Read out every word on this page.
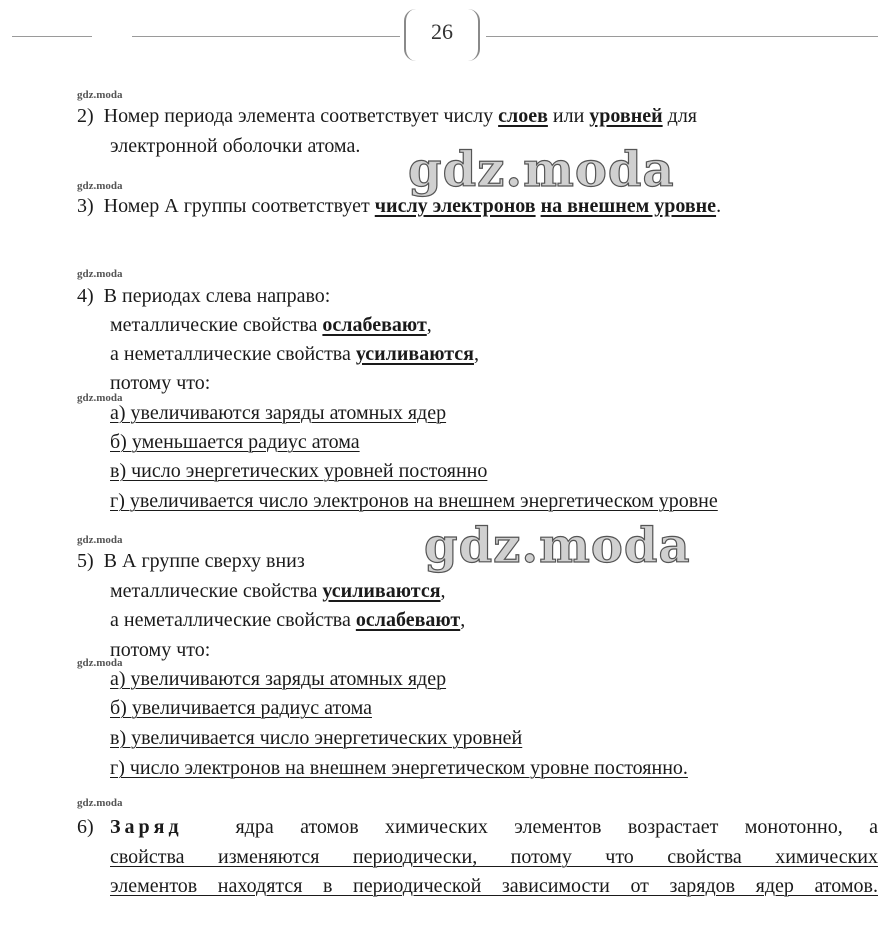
26
gdz.moda
gdz.moda
gdz.moda
gdz.moda
gdz.moda
gdz.moda
gdz.moda
2) Номер периода элемента соответствует числу слоев или уровней для
электронной оболочки атома. gdz.moda
3) Номер А группы соответствует числу электронов на внешнем уровне.
4) В периодах слева направо:
металлические свойства ослабевают,
а неметаллические свойства усиливаются,
потому что:
а) увеличиваются заряды атомных ядер
б) уменьшается радиус атома
в) число энергетических уровней постоянно
г) увеличивается число электронов на внешнем энергетическом уровне
gdz.moda
5) В А группе сверху вниз
металлические свойства усиливаются,
а неметаллические свойства ослабевают,
потому что:
а) увеличиваются заряды атомных ядер
б) увеличивается радиус атома
в) увеличивается число энергетических уровней
г) число электронов на внешнем энергетическом уровне постоянно.
6) Заряд	ядра атомов химических элементов возрастает монотонно, а
свойства изменяются периодически, потому что свойства химических
элементов находятся в периодической зависимости от зарядов ядер атомов.
